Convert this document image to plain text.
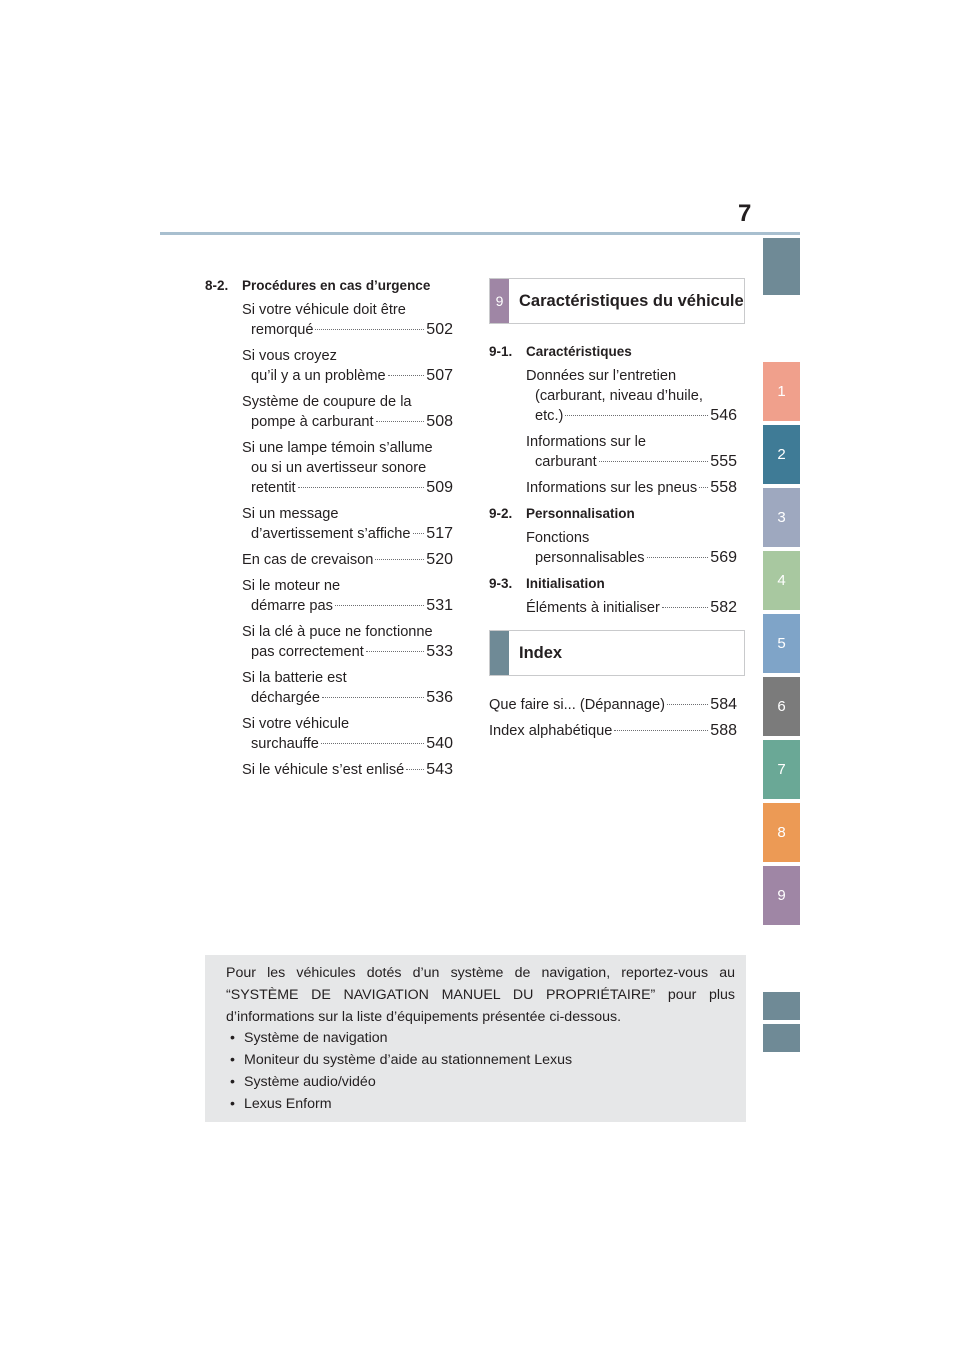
7
1
2
3
4
5
6
7
8
9
8-2.	Procédures en cas d’urgence
Si votre véhicule doit être
remorqué	502
Si vous croyez
qu’il y a un problème	507
Système de coupure de la
pompe à carburant	508
Si une lampe témoin s’allume
ou si un avertisseur sonore
retentit	509
Si un message
d’avertissement s’affiche 517
En cas de crevaison	520
Si le moteur ne
démarre pas	531
Si la clé à puce ne fonctionne
pas correctement	533
Si la batterie est
déchargée	536
Si votre véhicule
surchauffe	540
Si le véhicule s’est enlisé 543
9 Caractéristiques du véhicule
9-1.	Caractéristiques
Données sur l’entretien
(carburant, niveau d’huile,
etc.)	546
Informations sur le
carburant	555
Informations sur les pneus 558
9-2.	Personnalisation
Fonctions
personnalisables	569
9-3.	Initialisation
Éléments à initialiser	582
Index
Que faire si... (Dépannage)	584
Index alphabétique	588
Pour les véhicules dotés d’un système de navigation, reportez-vous au “SYSTÈME DE NAVIGATION MANUEL DU PROPRIÉTAIRE” pour plus d’informations sur la liste d’équipements présentée ci-dessous.
• Système de navigation
• Moniteur du système d’aide au stationnement Lexus
• Système audio/vidéo
• Lexus Enform
